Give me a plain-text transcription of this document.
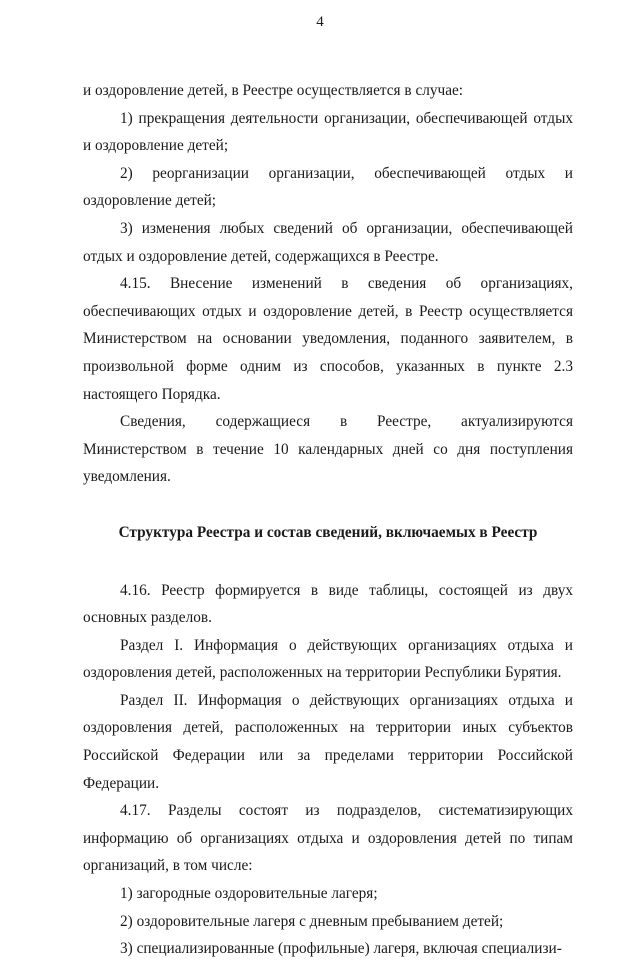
4

и оздоровление детей, в Реестре осуществляется в случае:

1) прекращения деятельности организации, обеспечивающей отдых и оздоровление детей;

2) реорганизации организации, обеспечивающей отдых и оздоровление детей;

3) изменения любых сведений об организации, обеспечивающей отдых и оздоровление детей, содержащихся в Реестре.

4.15. Внесение изменений в сведения об организациях, обеспечивающих отдых и оздоровление детей, в Реестр осуществляется Министерством на основании уведомления, поданного заявителем, в произвольной форме одним из способов, указанных в пункте 2.3 настоящего Порядка.

Сведения, содержащиеся в Реестре, актуализируются Министерством в течение 10 календарных дней со дня поступления уведомления.

Структура Реестра и состав сведений, включаемых в Реестр

4.16. Реестр формируется в виде таблицы, состоящей из двух основных разделов.

Раздел I. Информация о действующих организациях отдыха и оздоровления детей, расположенных на территории Республики Бурятия.

Раздел II. Информация о действующих организациях отдыха и оздоровления детей, расположенных на территории иных субъектов Российской Федерации или за пределами территории Российской Федерации.

4.17. Разделы состоят из подразделов, систематизирующих информацию об организациях отдыха и оздоровления детей по типам организаций, в том числе:

1) загородные оздоровительные лагеря;

2) оздоровительные лагеря с дневным пребыванием детей;

3) специализированные (профильные) лагеря, включая специализи-
